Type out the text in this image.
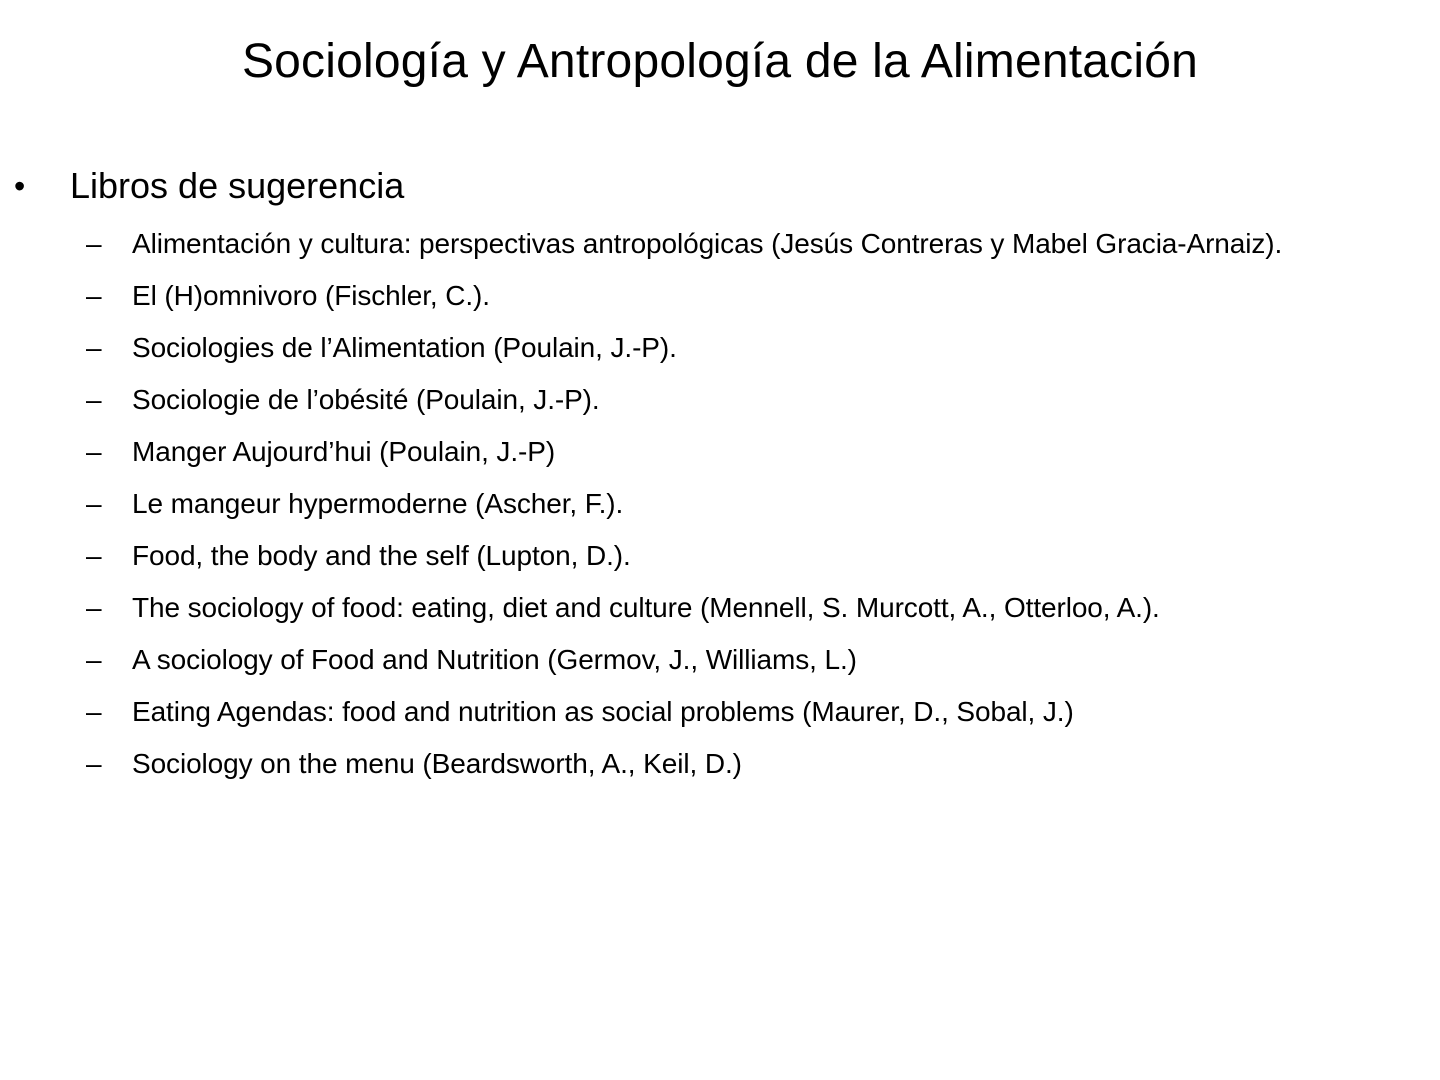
Sociología y Antropología de la Alimentación
•	Libros de sugerencia
–	Alimentación y cultura: perspectivas antropológicas (Jesús Contreras y Mabel Gracia-Arnaiz).
–	El (H)omnivoro (Fischler, C.).
–	Sociologies de l’Alimentation (Poulain, J.-P).
–	Sociologie de l’obésité (Poulain, J.-P).
–	Manger Aujourd’hui (Poulain, J.-P)
–	Le mangeur hypermoderne (Ascher, F.).
–	Food, the body and the self (Lupton, D.).
–	The sociology of food: eating, diet and culture (Mennell, S. Murcott, A., Otterloo, A.).
–	A sociology of Food and Nutrition (Germov, J., Williams, L.)
–	Eating Agendas: food and nutrition as social problems (Maurer, D., Sobal, J.)
–	Sociology on the menu (Beardsworth, A., Keil, D.)
